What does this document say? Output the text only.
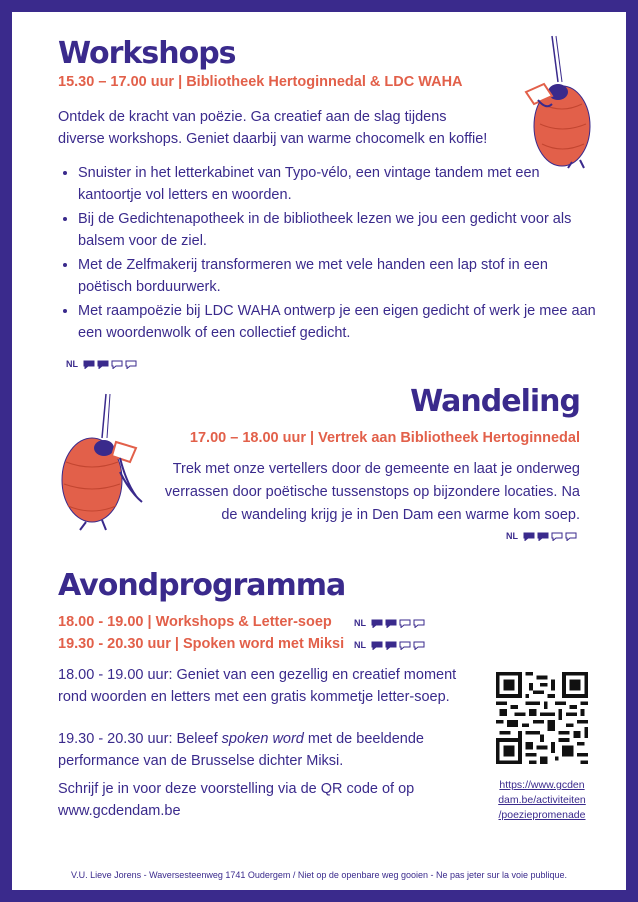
Workshops

15.30 – 17.00 uur | Bibliotheek Hertoginnedal & LDC WAHA

Ontdek de kracht van poëzie. Ga creatief aan de slag tijdens

diverse workshops. Geniet daarbij van warme chocomelk en koffie!

• Snuister in het letterkabinet van Typo-vélo, een vintage tandem met een kantoortje vol letters en woorden.
• Bij de Gedichtenapotheek in de bibliotheek lezen we jou een gedicht voor als balsem voor de ziel.
• Met de Zelfmakerij transformeren we met vele handen een lap stof in een poëtisch borduurwerk.
• Met raampoëzie bij LDC WAHA ontwerp je een eigen gedicht of werk je mee aan een woordenwolk of een collectief gedicht.
NL
Wandeling

17.00 – 18.00 uur | Vertrek aan Bibliotheek Hertoginnedal

Trek met onze vertellers door de gemeente en laat je onderweg

verrassen door poëtische tussenstops op bijzondere locaties. Na

de wandeling krijg je in Den Dam een warme kom soep.

NL
Avondprogramma

18.00 - 19.00 | Workshops & Letter-soep

19.30 - 20.30 uur | Spoken word met Miksi

NL
NL

18.00 - 19.00 uur: Geniet van een gezellig en creatief moment

rond woorden en letters met een gratis kommetje letter-soep.

19.30 - 20.30 uur: Beleef spoken word met de beeldende

performance van de Brusselse dichter Miksi.

Schrijf je in voor deze voorstelling via de QR code of op

www.gcdendam.be

https://www.gcden
dam.be/activiteiten
/poeziepromenade

V.U. Lieve Jorens - Waversesteenweg 1741 Oudergem / Niet op de openbare weg gooien - Ne pas jeter sur la voie publique.
